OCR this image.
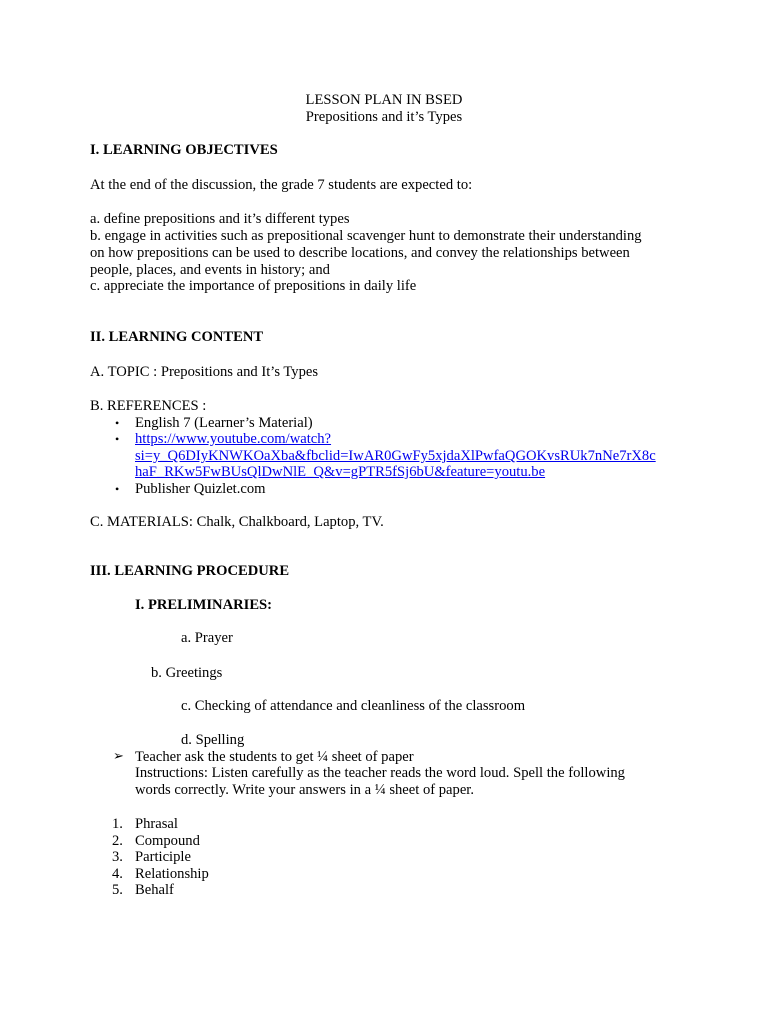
LESSON PLAN IN BSED
Prepositions and it’s Types
I. LEARNING OBJECTIVES
At the end of the discussion, the grade 7 students are expected to:
a. define prepositions and it’s different types
b. engage in activities such as prepositional scavenger hunt to demonstrate their understanding
on how prepositions can be used to describe locations, and convey the relationships between
people, places, and events in history; and
c. appreciate the importance of prepositions in daily life
II. LEARNING CONTENT
A. TOPIC : Prepositions and It’s Types
B. REFERENCES :
• English 7 (Learner’s Material)
• https://www.youtube.com/watch?
si=y_Q6DIyKNWKOaXba&fbclid=IwAR0GwFy5xjdaXlPwfaQGOKvsRUk7nNe7rX8c
haF_RKw5FwBUsQlDwNlE_Q&v=gPTR5fSj6bU&feature=youtu.be
• Publisher Quizlet.com
C. MATERIALS: Chalk, Chalkboard, Laptop, TV.
III. LEARNING PROCEDURE
I. PRELIMINARIES:
a. Prayer
b. Greetings
c. Checking of attendance and cleanliness of the classroom
d. Spelling
➢ Teacher ask the students to get ¼ sheet of paper
Instructions: Listen carefully as the teacher reads the word loud. Spell the following
words correctly. Write your answers in a ¼ sheet of paper.
1. Phrasal
2. Compound
3. Participle
4. Relationship
5. Behalf
